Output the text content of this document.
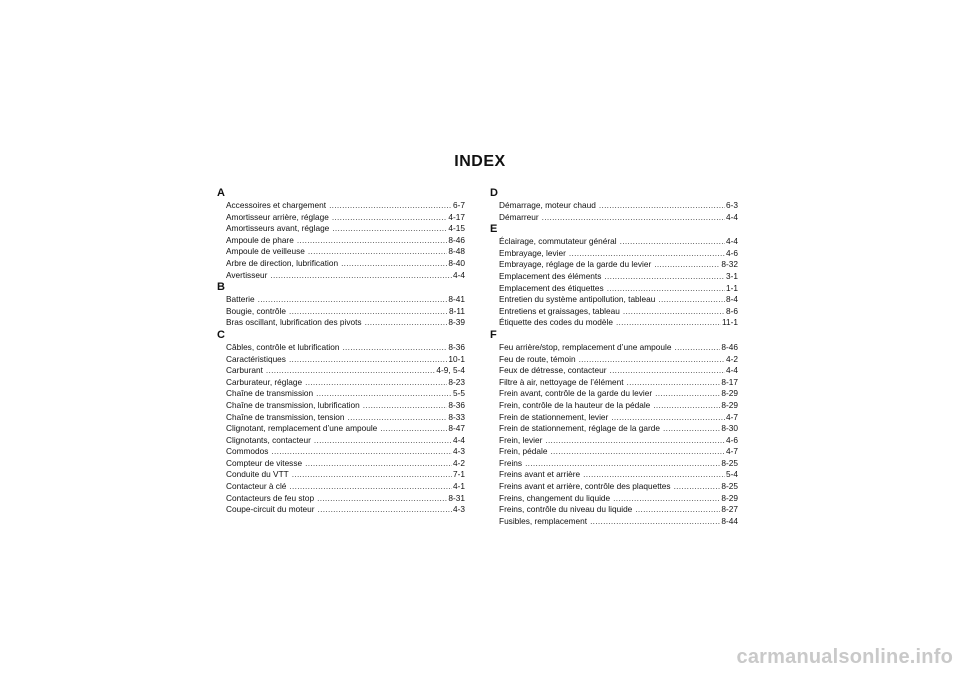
INDEX
A
Accessoires et chargement .....	6-7
Amortisseur arrière, réglage .....	4-17
Amortisseurs avant, réglage .....	4-15
Ampoule de phare .....	8-46
Ampoule de veilleuse .....	8-48
Arbre de direction, lubrification .....	8-40
Avertisseur .....	4-4
B
Batterie .....	8-41
Bougie, contrôle .....	8-11
Bras oscillant, lubrification des pivots .....	8-39
C
Câbles, contrôle et lubrification .....	8-36
Caractéristiques .....	10-1
Carburant .....	4-9, 5-4
Carburateur, réglage .....	8-23
Chaîne de transmission .....	5-5
Chaîne de transmission, lubrification .....	8-36
Chaîne de transmission, tension .....	8-33
Clignotant, remplacement d’une ampoule .....	8-47
Clignotants, contacteur .....	4-4
Commodos .....	4-3
Compteur de vitesse .....	4-2
Conduite du VTT .....	7-1
Contacteur à clé .....	4-1
Contacteurs de feu stop .....	8-31
Coupe-circuit du moteur .....	4-3
D
Démarrage, moteur chaud .....	6-3
Démarreur .....	4-4
E
Éclairage, commutateur général .....	4-4
Embrayage, levier .....	4-6
Embrayage, réglage de la garde du levier .....	8-32
Emplacement des éléments .....	3-1
Emplacement des étiquettes .....	1-1
Entretien du système antipollution, tableau .....	8-4
Entretiens et graissages, tableau .....	8-6
Étiquette des codes du modèle .....	11-1
F
Feu arrière/stop, remplacement d’une ampoule .....	8-46
Feu de route, témoin .....	4-2
Feux de détresse, contacteur .....	4-4
Filtre à air, nettoyage de l’élément .....	8-17
Frein avant, contrôle de la garde du levier .....	8-29
Frein, contrôle de la hauteur de la pédale .....	8-29
Frein de stationnement, levier .....	4-7
Frein de stationnement, réglage de la garde .....	8-30
Frein, levier .....	4-6
Frein, pédale .....	4-7
Freins .....	8-25
Freins avant et arrière .....	5-4
Freins avant et arrière, contrôle des plaquettes .....	8-25
Freins, changement du liquide .....	8-29
Freins, contrôle du niveau du liquide .....	8-27
Fusibles, remplacement .....	8-44
carmanualsonline.info
